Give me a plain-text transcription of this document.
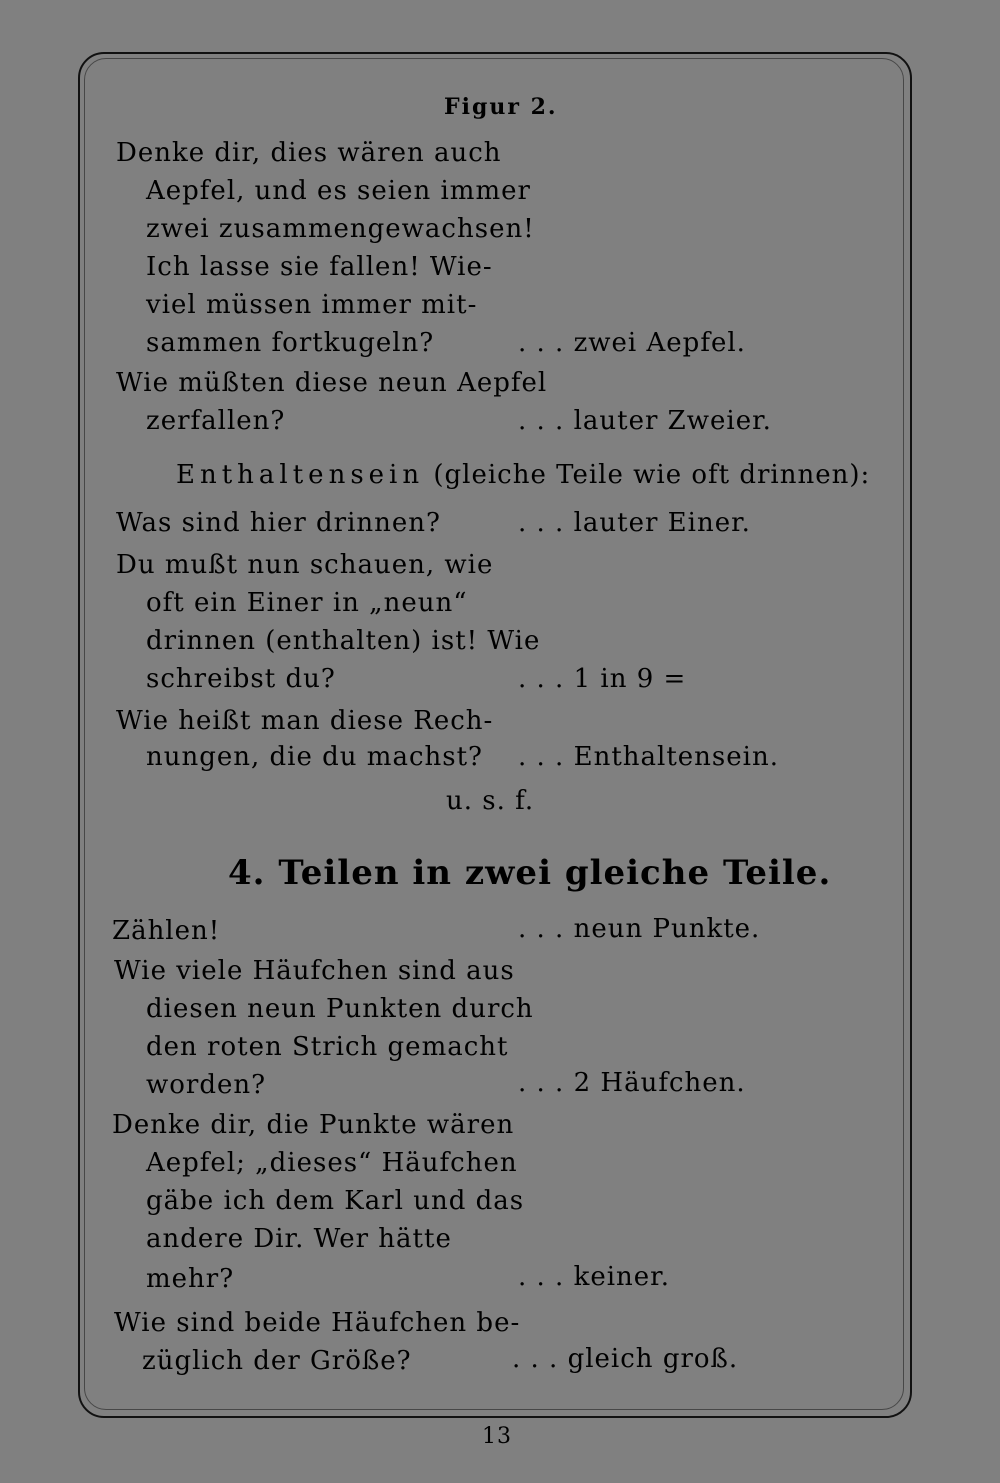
Figur 2.
Denke dir, dies wären auch
Aepfel, und es seien immer
zwei zusammengewachsen!
Ich lasse sie fallen! Wie-
viel müssen immer mit-
sammen fortkugeln?	. . . zwei Aepfel.
Wie müßten diese neun Aepfel
zerfallen?	. . . lauter Zweier.
Enthaltensein (gleiche Teile wie oft drinnen):
Was sind hier drinnen?	. . . lauter Einer.
Du mußt nun schauen, wie
oft ein Einer in „neun“
drinnen (enthalten) ist! Wie
schreibst du?	. . . 1 in 9 =
Wie heißt man diese Rech-
nungen, die du machst? . . . Enthaltensein.
u. s. f.
4. Teilen in zwei gleiche Teile.
Zählen!	. . . neun Punkte.
Wie viele Häufchen sind aus
diesen neun Punkten durch
den roten Strich gemacht
worden?	. . . 2 Häufchen.
Denke dir, die Punkte wären
Aepfel; „dieses“ Häufchen
gäbe ich dem Karl und das
andere Dir. Wer hätte
mehr?	. . . keiner.
Wie sind beide Häufchen be-
züglich der Größe?	. . . gleich groß.
13
